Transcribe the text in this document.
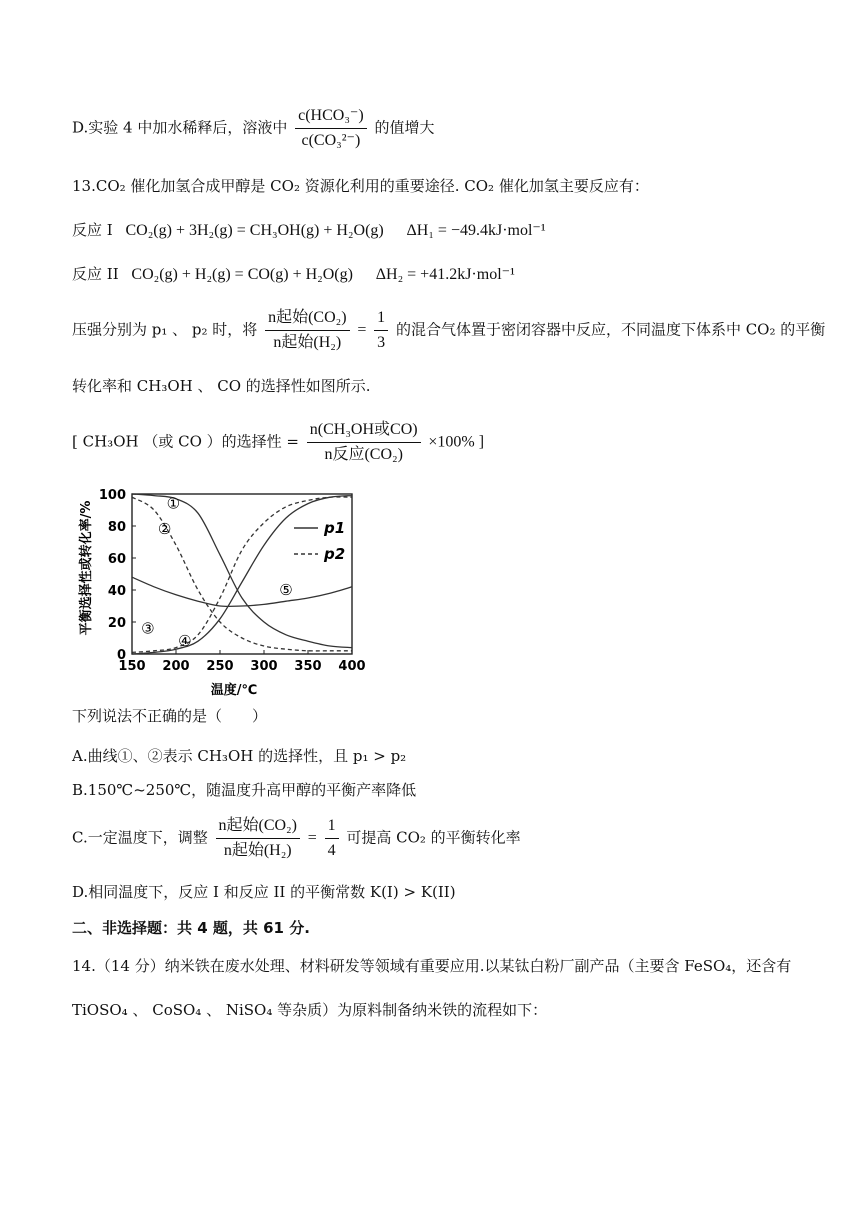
D.实验 4 中加水稀释后，溶液中 $\frac{\text{c(HCO₃⁻)}}{\text{c(CO₃²⁻)}}$ 的值增大
13.CO₂ 催化加氢合成甲醇是 CO₂ 资源化利用的重要途径. CO₂ 催化加氢主要反应有：
反应 I CO₂(g) + 3H₂(g) = CH₃OH(g) + H₂O(g) ΔH₁ = −49.4kJ·mol⁻¹
反应 II CO₂(g) + H₂(g) = CO(g) + H₂O(g) ΔH₂ = +41.2kJ·mol⁻¹
压强分别为 p₁ 、 p₂ 时，将 $\frac{\text{n起始(CO₂)}}{\text{n起始(H₂)}} = \frac{1}{3}$ 的混合气体置于密闭容器中反应，不同温度下体系中 CO₂ 的平衡
转化率和 CH₃OH 、 CO 的选择性如图所示.
[ CH₃OH （或 CO ）的选择性 = $\frac{\text{n(CH₃OH或CO)}}{\text{n反应(CO₂)}} \times 100\%$ ]
150 200 250 300 350 400
0
20
40
60
80
100	①
②
③
④
⑤
p1
p2
平衡选择性或转化率/%
温度/℃
下列说法不正确的是（　　）
A.曲线①、②表示 CH₃OH 的选择性，且 p₁ > p₂
B.150℃~250℃，随温度升高甲醇的平衡产率降低
C.一定温度下，调整 $\frac{\text{n起始(CO₂)}}{\text{n起始(H₂)}} = \frac{1}{4}$ 可提高 CO₂ 的平衡转化率
D.相同温度下，反应 I 和反应 II 的平衡常数 K(I) > K(II)
二、非选择题：共 4 题，共 61 分.
14.（14 分）纳米铁在废水处理、材料研发等领域有重要应用.以某钛白粉厂副产品（主要含 FeSO₄，还含有
TiOSO₄ 、 CoSO₄ 、 NiSO₄ 等杂质）为原料制备纳米铁的流程如下：
